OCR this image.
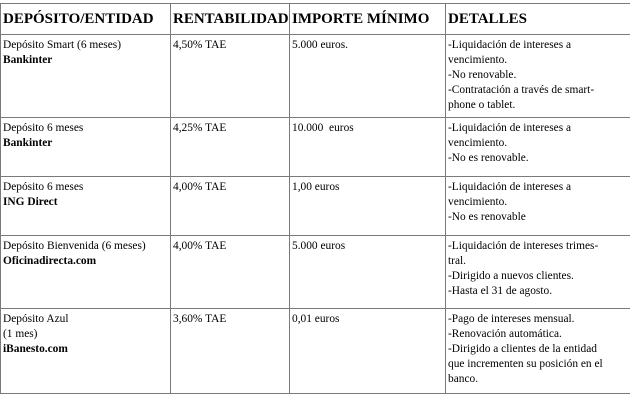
DEPÓSITO/ENTIDAD	RENTABILIDAD	IMPORTE MÍNIMO	DETALLES

Depósito Smart (6 meses)
Bankinter	4,50% TAE	5.000 euros.	-Liquidación de intereses a
vencimiento.
-No renovable.
-Contratación a través de smart-
phone o tablet.

Depósito 6 meses
Bankinter	4,25% TAE	10.000  euros	-Liquidación de intereses a
vencimiento.
-No es renovable.

Depósito 6 meses
ING Direct	4,00% TAE	1,00 euros	-Liquidación de intereses a
vencimiento.
-No es renovable

Depósito Bienvenida (6 meses)
Oficinadirecta.com	4,00% TAE	5.000 euros	-Liquidación de intereses trimes-
tral.
-Dirigido a nuevos clientes.
-Hasta el 31 de agosto.

Depósito Azul
(1 mes)
iBanesto.com	3,60% TAE	0,01 euros	-Pago de intereses mensual.
-Renovación automática.
-Dirigido a clientes de la entidad
que incrementen su posición en el
banco.
